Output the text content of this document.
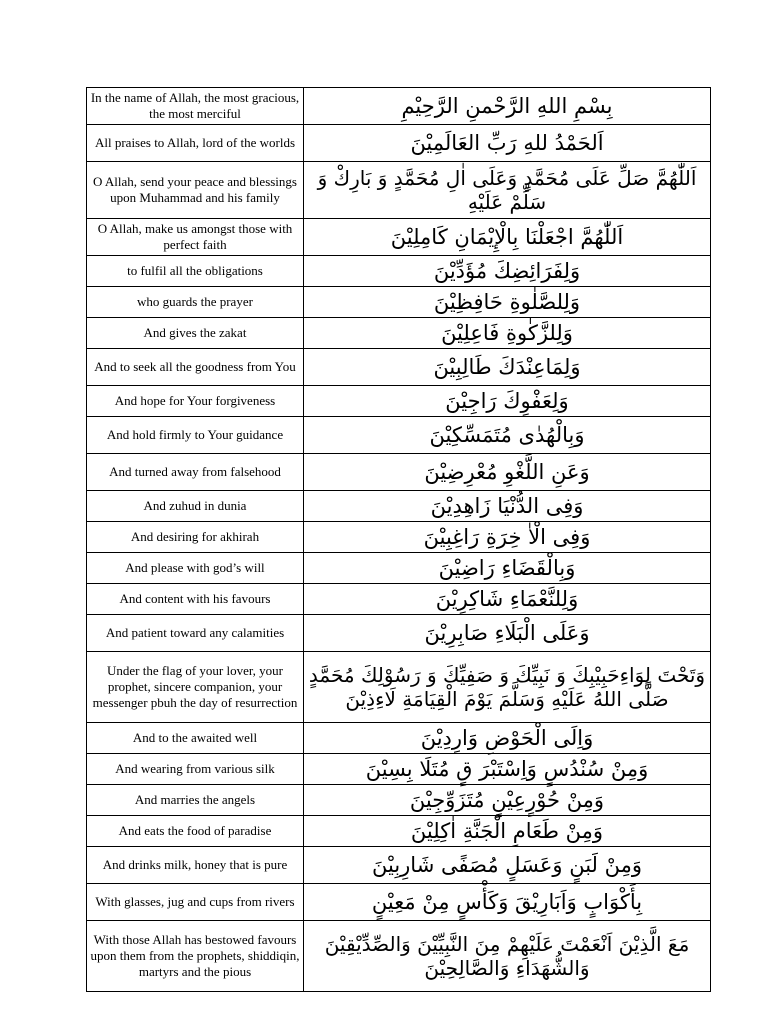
In the name of Allah, the most gracious, the most merciful	بِسْمِ اللهِ الرَّحْمنِ الرَّحِيْمِ
All praises to Allah, lord of the worlds	اَلحَمْدُ للهِ رَبِّ العَالَمِيْنَ
O Allah, send your peace and blessings upon Muhammad and his family	اَللّٰهُمَّ صَلِّ عَلَى مُحَمَّدٍ وَعَلَى اٰلِ مُحَمَّدٍ وَ بَارِكْ وَ سَلِّمْ عَلَيْهِ
O Allah, make us amongst those with perfect faith	اَللّٰهُمَّ اجْعَلْنَا بِالْإِيْمَانِ كَامِلِيْنَ
to fulfil all the obligations	وَلِفَرَائِضِكَ مُؤَدِّيْنَ
who guards the prayer	وَلِلصَّلٰوةِ حَافِظِيْنَ
And gives the zakat	وَلِلزَّكٰوةِ فَاعِلِيْنَ
And to seek all the goodness from You	وَلِمَاعِنْدَكَ طَالِبِيْنَ
And hope for Your forgiveness	وَلِعَفْوِكَ رَاجِيْنَ
And hold firmly to Your guidance	وَبِالْهُدٰى مُتَمَسِّكِيْنَ
And turned away from falsehood	وَعَنِ اللَّغْوِ مُعْرِضِيْنَ
And zuhud in dunia	وَفِى الدُّنْيَا زَاهِدِيْنَ
And desiring for akhirah	وَفِى الْاٰ خِرَةِ رَاغِبِيْنَ
And please with god’s will	وَبِالْقَضَاءِ رَاضِيْنَ
And content with his favours	وَلِلنَّعْمَاءِ شَاكِرِيْنَ
And patient toward any calamities	وَعَلَى الْبَلَاءِ صَابِرِيْنَ
Under the flag of your lover, your prophet, sincere companion, your messenger pbuh the day of resurrection	وَتَحْتَ لِوَاءِحَبِيْبِكَ وَ نَبِيِّكَ وَ صَفِيِّكَ وَ رَسُوْلِكَ مُحَمَّدٍ صَلَّى اللهُ عَلَيْهِ وَسَلَّمَ يَوْمَ الْقِيَامَةِ لَاءِذِيْنَ
And to the awaited well	وَاِلَى الْحَوْضِ وَارِدِيْنَ
And wearing from various silk	وَمِنْ سُنْدُسٍ وَاِسْتَبْرَ قٍ مُتَلَا بِسِيْنَ
And marries the angels	وَمِنْ حُوْرٍعِيْنٍ مُتَزَوِّجِيْنَ
And eats the food of paradise	وَمِنْ طَعَامِ الْجَنَّةِ اٰكِلِيْنَ
And drinks milk, honey that is pure	وَمِنْ لَبَنٍ وَعَسَلٍ مُصَفًى شَارِبِيْنَ
With glasses, jug and cups from rivers	بِأَكْوَابٍ وَاَبَارِيْقَ وَكَأْسٍ مِنْ مَعِيْنٍ
With those Allah has bestowed favours upon them from the prophets, shiddiqin, martyrs and the pious	مَعَ الَّذِيْنَ اَنْعَمْتَ عَلَيْهِمْ مِنَ النَّبِيِّيْنَ وَالصِّدِّيْقِيْنَ وَالشُّهَدَاءِ وَالصَّالِحِيْنَ
